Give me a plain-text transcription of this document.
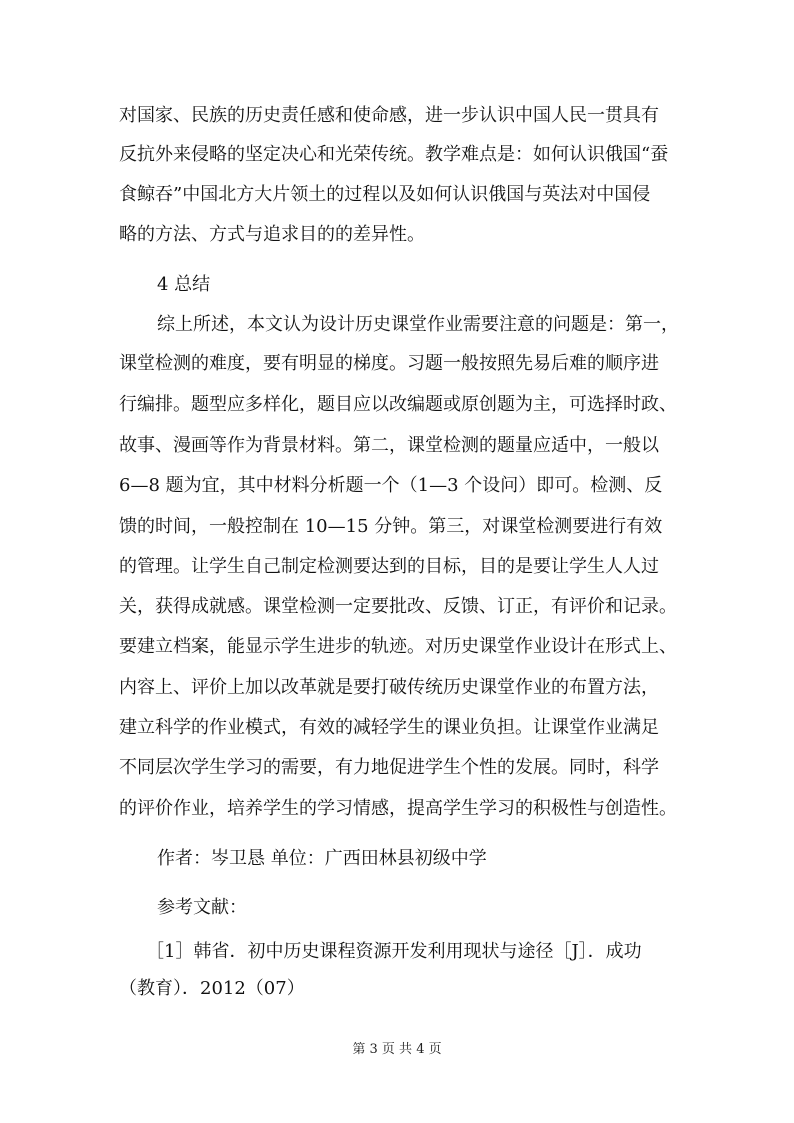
对国家、民族的历史责任感和使命感，进一步认识中国人民一贯具有
反抗外来侵略的坚定决心和光荣传统。教学难点是：如何认识俄国“蚕
食鲸吞”中国北方大片领土的过程以及如何认识俄国与英法对中国侵
略的方法、方式与追求目的的差异性。
4 总结
综上所述，本文认为设计历史课堂作业需要注意的问题是：第一，
课堂检测的难度，要有明显的梯度。习题一般按照先易后难的顺序进
行编排。题型应多样化，题目应以改编题或原创题为主，可选择时政、
故事、漫画等作为背景材料。第二，课堂检测的题量应适中，一般以
6—8 题为宜，其中材料分析题一个（1—3 个设问）即可。检测、反
馈的时间，一般控制在 10—15 分钟。第三，对课堂检测要进行有效
的管理。让学生自己制定检测要达到的目标，目的是要让学生人人过
关，获得成就感。课堂检测一定要批改、反馈、订正，有评价和记录。
要建立档案，能显示学生进步的轨迹。对历史课堂作业设计在形式上、
内容上、评价上加以改革就是要打破传统历史课堂作业的布置方法，
建立科学的作业模式，有效的减轻学生的课业负担。让课堂作业满足
不同层次学生学习的需要，有力地促进学生个性的发展。同时，科学
的评价作业，培养学生的学习情感，提高学生学习的积极性与创造性。
作者：岑卫恳 单位：广西田林县初级中学
参考文献：
［1］韩省．初中历史课程资源开发利用现状与途径［J］．成功
（教育）．2012（07）
第 3 页 共 4 页
